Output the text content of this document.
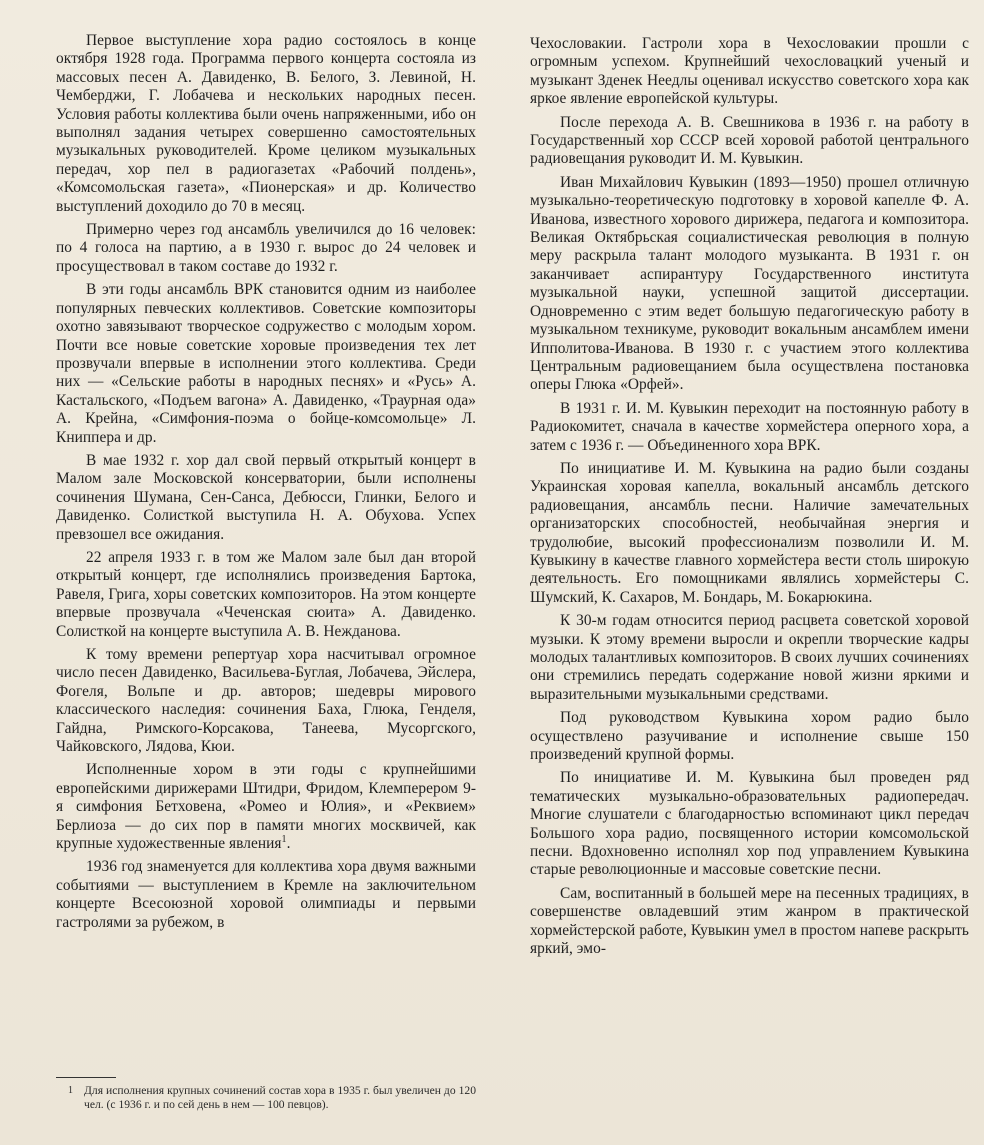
Первое выступление хора радио состоялось в конце октября 1928 года. Программа первого концерта состояла из массовых песен А. Давиденко, В. Белого, З. Левиной, Н. Чемберджи, Г. Лобачева и нескольких народных песен. Условия работы коллектива были очень напряженными, ибо он выполнял задания четырех совершенно самостоятельных музыкальных руководителей. Кроме целиком музыкальных передач, хор пел в радиогазетах «Рабочий полдень», «Комсомольская газета», «Пионерская» и др. Количество выступлений доходило до 70 в месяц.

Примерно через год ансамбль увеличился до 16 человек: по 4 голоса на партию, а в 1930 г. вырос до 24 человек и просуществовал в таком составе до 1932 г.

В эти годы ансамбль ВРК становится одним из наиболее популярных певческих коллективов. Советские композиторы охотно завязывают творческое содружество с молодым хором. Почти все новые советские хоровые произведения тех лет прозвучали впервые в исполнении этого коллектива. Среди них — «Сельские работы в народных песнях» и «Русь» А. Кастальского, «Подъем вагона» А. Давиденко, «Траурная ода» А. Крейна, «Симфония-поэма о бойце-комсомольце» Л. Книппера и др.

В мае 1932 г. хор дал свой первый открытый концерт в Малом зале Московской консерватории, были исполнены сочинения Шумана, Сен-Санса, Дебюсси, Глинки, Белого и Давиденко. Солисткой выступила Н. А. Обухова. Успех превзошел все ожидания.

22 апреля 1933 г. в том же Малом зале был дан второй открытый концерт, где исполнялись произведения Бартока, Равеля, Грига, хоры советских композиторов. На этом концерте впервые прозвучала «Чеченская сюита» А. Давиденко. Солисткой на концерте выступила А. В. Нежданова.

К тому времени репертуар хора насчитывал огромное число песен Давиденко, Васильева-Буглая, Лобачева, Эйслера, Фогеля, Вольпе и др. авторов; шедевры мирового классического наследия: сочинения Баха, Глюка, Генделя, Гайдна, Римского-Корсакова, Танеева, Мусоргского, Чайковского, Лядова, Кюи.

Исполненные хором в эти годы с крупнейшими европейскими дирижерами Штидри, Фридом, Клемперером 9-я симфония Бетховена, «Ромео и Юлия», и «Реквием» Берлиоза — до сих пор в памяти многих москвичей, как крупные художественные явления$^1$.

1936 год знаменуется для коллектива хора двумя важными событиями — выступлением в Кремле на заключительном концерте Всесоюзной хоровой олимпиады и первыми гастролями за рубежом, в

1 Для исполнения крупных сочинений состав хора в 1935 г. был увеличен до 120 чел. (с 1936 г. и по сей день в нем — 100 певцов).

Чехословакии. Гастроли хора в Чехословакии прошли с огромным успехом. Крупнейший чехословацкий ученый и музыкант Зденек Неедлы оценивал искусство советского хора как яркое явление европейской культуры.

После перехода А. В. Свешникова в 1936 г. на работу в Государственный хор СССР всей хоровой работой центрального радиовещания руководит И. М. Кувыкин.

Иван Михайлович Кувыкин (1893—1950) прошел отличную музыкально-теоретическую подготовку в хоровой капелле Ф. А. Иванова, известного хорового дирижера, педагога и композитора. Великая Октябрьская социалистическая революция в полную меру раскрыла талант молодого музыканта. В 1931 г. он заканчивает аспирантуру Государственного института музыкальной науки, успешной защитой диссертации. Одновременно с этим ведет большую педагогическую работу в музыкальном техникуме, руководит вокальным ансамблем имени Ипполитова-Иванова. В 1930 г. с участием этого коллектива Центральным радиовещанием была осуществлена постановка оперы Глюка «Орфей».

В 1931 г. И. М. Кувыкин переходит на постоянную работу в Радиокомитет, сначала в качестве хормейстера оперного хора, а затем с 1936 г. — Объединенного хора ВРК.

По инициативе И. М. Кувыкина на радио были созданы Украинская хоровая капелла, вокальный ансамбль детского радиовещания, ансамбль песни. Наличие замечательных организаторских способностей, необычайная энергия и трудолюбие, высокий профессионализм позволили И. М. Кувыкину в качестве главного хормейстера вести столь широкую деятельность. Его помощниками являлись хормейстеры С. Шумский, К. Сахаров, М. Бондарь, М. Бокарюкина.

К 30-м годам относится период расцвета советской хоровой музыки. К этому времени выросли и окрепли творческие кадры молодых талантливых композиторов. В своих лучших сочинениях они стремились передать содержание новой жизни яркими и выразительными музыкальными средствами.

Под руководством Кувыкина хором радио было осуществлено разучивание и исполнение свыше 150 произведений крупной формы.

По инициативе И. М. Кувыкина был проведен ряд тематических музыкально-образовательных радиопередач. Многие слушатели с благодарностью вспоминают цикл передач Большого хора радио, посвященного истории комсомольской песни. Вдохновенно исполнял хор под управлением Кувыкина старые революционные и массовые советские песни.

Сам, воспитанный в большей мере на песенных традициях, в совершенстве овладевший этим жанром в практической хормейстерской работе, Кувыкин умел в простом напеве раскрыть яркий, эмо-
